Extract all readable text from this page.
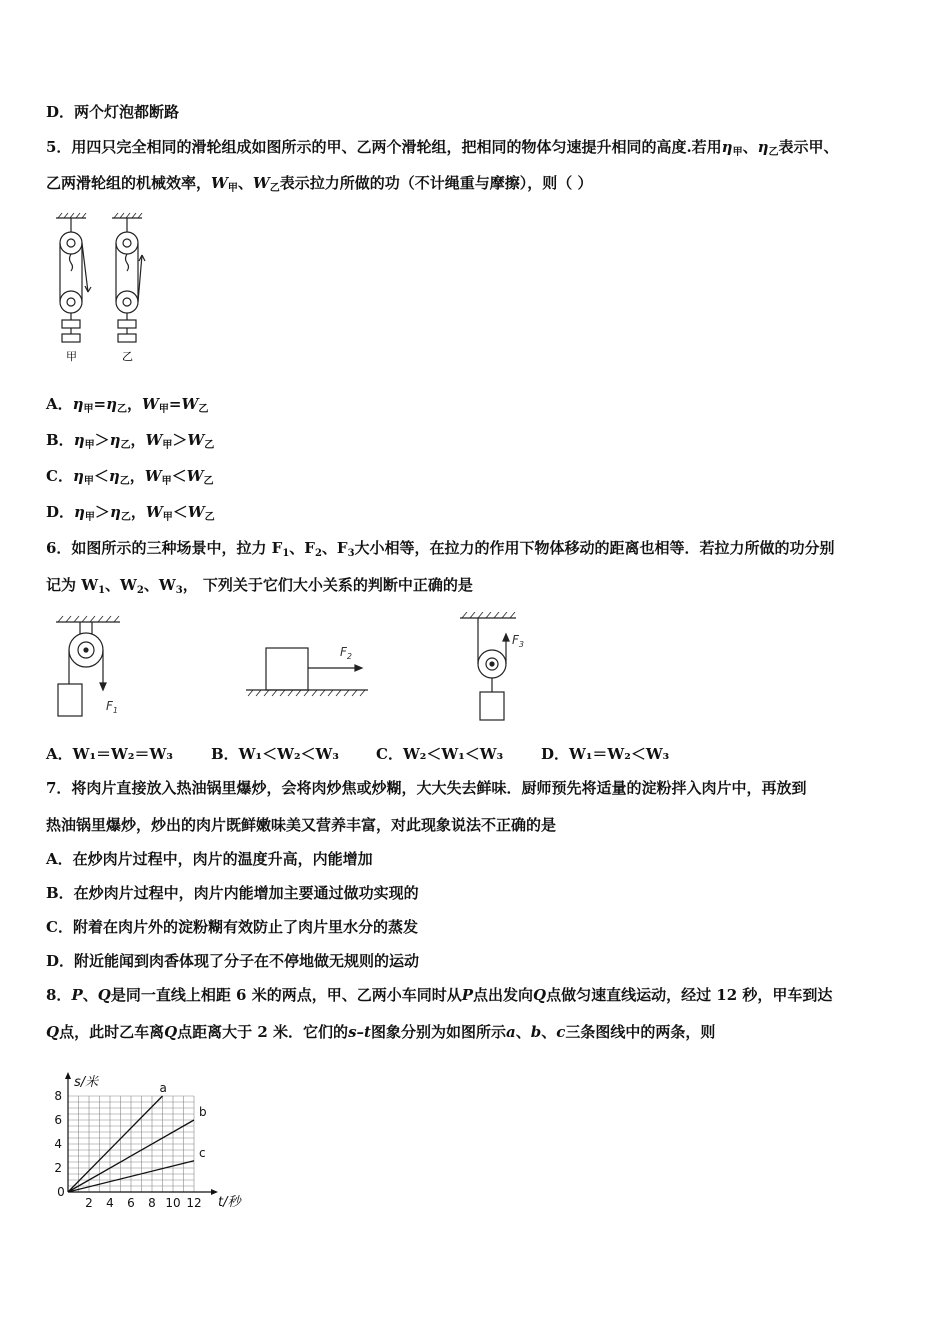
D．两个灯泡都断路
5．用四只完全相同的滑轮组成如图所示的甲、乙两个滑轮组，把相同的物体匀速提升相同的高度.若用$\eta_甲$、$\eta_乙$表示甲、
乙两滑轮组的机械效率，$W_甲$、$W_乙$表示拉力所做的功（不计绳重与摩擦），则（ ）
甲	乙
A．$\eta_甲=\eta_乙$，$W_甲=W_乙$
B．$\eta_甲>\eta_乙$，$W_甲>W_乙$
C．$\eta_甲<\eta_乙$，$W_甲<W_乙$
D．$\eta_甲>\eta_乙$，$W_甲<W_乙$
6．如图所示的三种场景中，拉力 $F_1$、$F_2$、$F_3$大小相等，在拉力的作用下物体移动的距离也相等．若拉力所做的功分别
记为 $W_1$、$W_2$、$W_3$， 下列关于它们大小关系的判断中正确的是
$F_1$
$F_2$
$F_3$
A．W₁＝W₂＝W₃	B．W₁＜W₂＜W₃ C．W₂＜W₁＜W₃	D．W₁＝W₂＜W₃
7．将肉片直接放入热油锅里爆炒，会将肉炒焦或炒糊，大大失去鲜味．厨师预先将适量的淀粉拌入肉片中，再放到
热油锅里爆炒，炒出的肉片既鲜嫩味美又营养丰富，对此现象说法不正确的是
A．在炒肉片过程中，肉片的温度升高，内能增加
B．在炒肉片过程中，肉片内能增加主要通过做功实现的
C．附着在肉片外的淀粉糊有效防止了肉片里水分的蒸发
D．附近能闻到肉香体现了分子在不停地做无规则的运动
8．P、Q是同一直线上相距 6 米的两点，甲、乙两小车同时从P点出发向Q点做匀速直线运动，经过 12 秒，甲车到达
Q点，此时乙车离Q点距离大于 2 米．它们的s–t图象分别为如图所示a、b、c三条图线中的两条，则
a
b
c
s/米
t/秒
0
2 4 6 8 10 12
2
4
6
8
